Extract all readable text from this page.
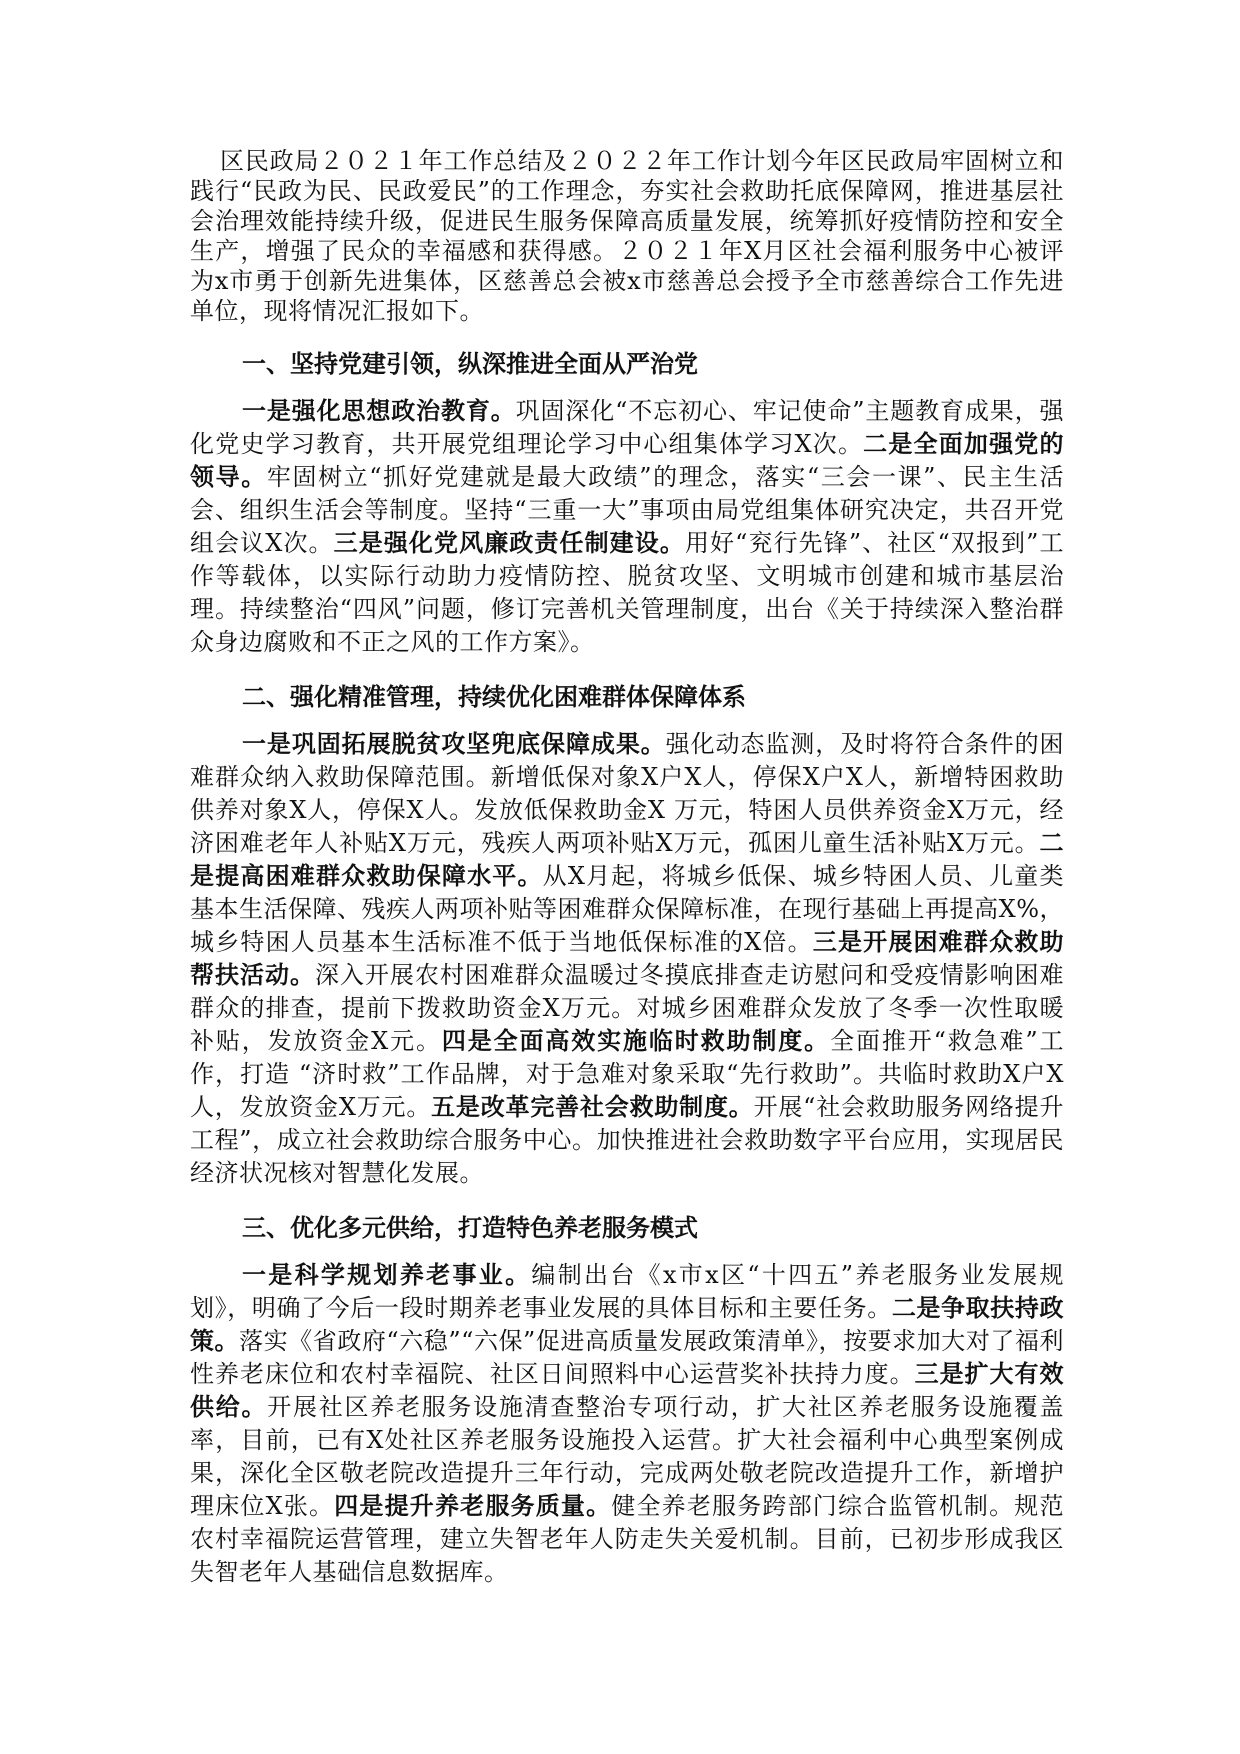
区民政局２０２１年工作总结及２０２２年工作计划今年区民政局牢固树立和践行“民政为民、民政爱民”的工作理念，夯实社会救助托底保障网，推进基层社会治理效能持续升级，促进民生服务保障高质量发展，统筹抓好疫情防控和安全生产，增强了民众的幸福感和获得感。２０２１年X月区社会福利服务中心被评为x市勇于创新先进集体，区慈善总会被x市慈善总会授予全市慈善综合工作先进单位，现将情况汇报如下。

一、坚持党建引领，纵深推进全面从严治党

一是强化思想政治教育。巩固深化“不忘初心、牢记使命”主题教育成果，强化党史学习教育，共开展党组理论学习中心组集体学习X次。二是全面加强党的领导。牢固树立“抓好党建就是最大政绩”的理念，落实“三会一课”、民主生活会、组织生活会等制度。坚持“三重一大”事项由局党组集体研究决定，共召开党组会议X次。三是强化党风廉政责任制建设。用好“兖行先锋”、社区“双报到”工作等载体，以实际行动助力疫情防控、脱贫攻坚、文明城市创建和城市基层治理。持续整治“四风”问题，修订完善机关管理制度，出台《关于持续深入整治群众身边腐败和不正之风的工作方案》。

二、强化精准管理，持续优化困难群体保障体系

一是巩固拓展脱贫攻坚兜底保障成果。强化动态监测，及时将符合条件的困难群众纳入救助保障范围。新增低保对象X户X人，停保X户X人，新增特困救助供养对象X人，停保X人。发放低保救助金X 万元，特困人员供养资金X万元，经济困难老年人补贴X万元，残疾人两项补贴X万元，孤困儿童生活补贴X万元。二是提高困难群众救助保障水平。从X月起，将城乡低保、城乡特困人员、儿童类基本生活保障、残疾人两项补贴等困难群众保障标准，在现行基础上再提高X%，城乡特困人员基本生活标准不低于当地低保标准的X倍。三是开展困难群众救助帮扶活动。深入开展农村困难群众温暖过冬摸底排查走访慰问和受疫情影响困难群众的排查，提前下拨救助资金X万元。对城乡困难群众发放了冬季一次性取暖补贴，发放资金X元。四是全面高效实施临时救助制度。全面推开“救急难”工作，打造 “济时救”工作品牌，对于急难对象采取“先行救助”。共临时救助X户X人，发放资金X万元。五是改革完善社会救助制度。开展“社会救助服务网络提升工程”，成立社会救助综合服务中心。加快推进社会救助数字平台应用，实现居民经济状况核对智慧化发展。

三、优化多元供给，打造特色养老服务模式

一是科学规划养老事业。编制出台《x市x区“十四五”养老服务业发展规划》，明确了今后一段时期养老事业发展的具体目标和主要任务。二是争取扶持政策。落实《省政府“六稳”“六保”促进高质量发展政策清单》，按要求加大对了福利性养老床位和农村幸福院、社区日间照料中心运营奖补扶持力度。三是扩大有效供给。开展社区养老服务设施清查整治专项行动，扩大社区养老服务设施覆盖率，目前，已有X处社区养老服务设施投入运营。扩大社会福利中心典型案例成果，深化全区敬老院改造提升三年行动，完成两处敬老院改造提升工作，新增护理床位X张。四是提升养老服务质量。健全养老服务跨部门综合监管机制。规范农村幸福院运营管理，建立失智老年人防走失关爱机制。目前，已初步形成我区失智老年人基础信息数据库。
